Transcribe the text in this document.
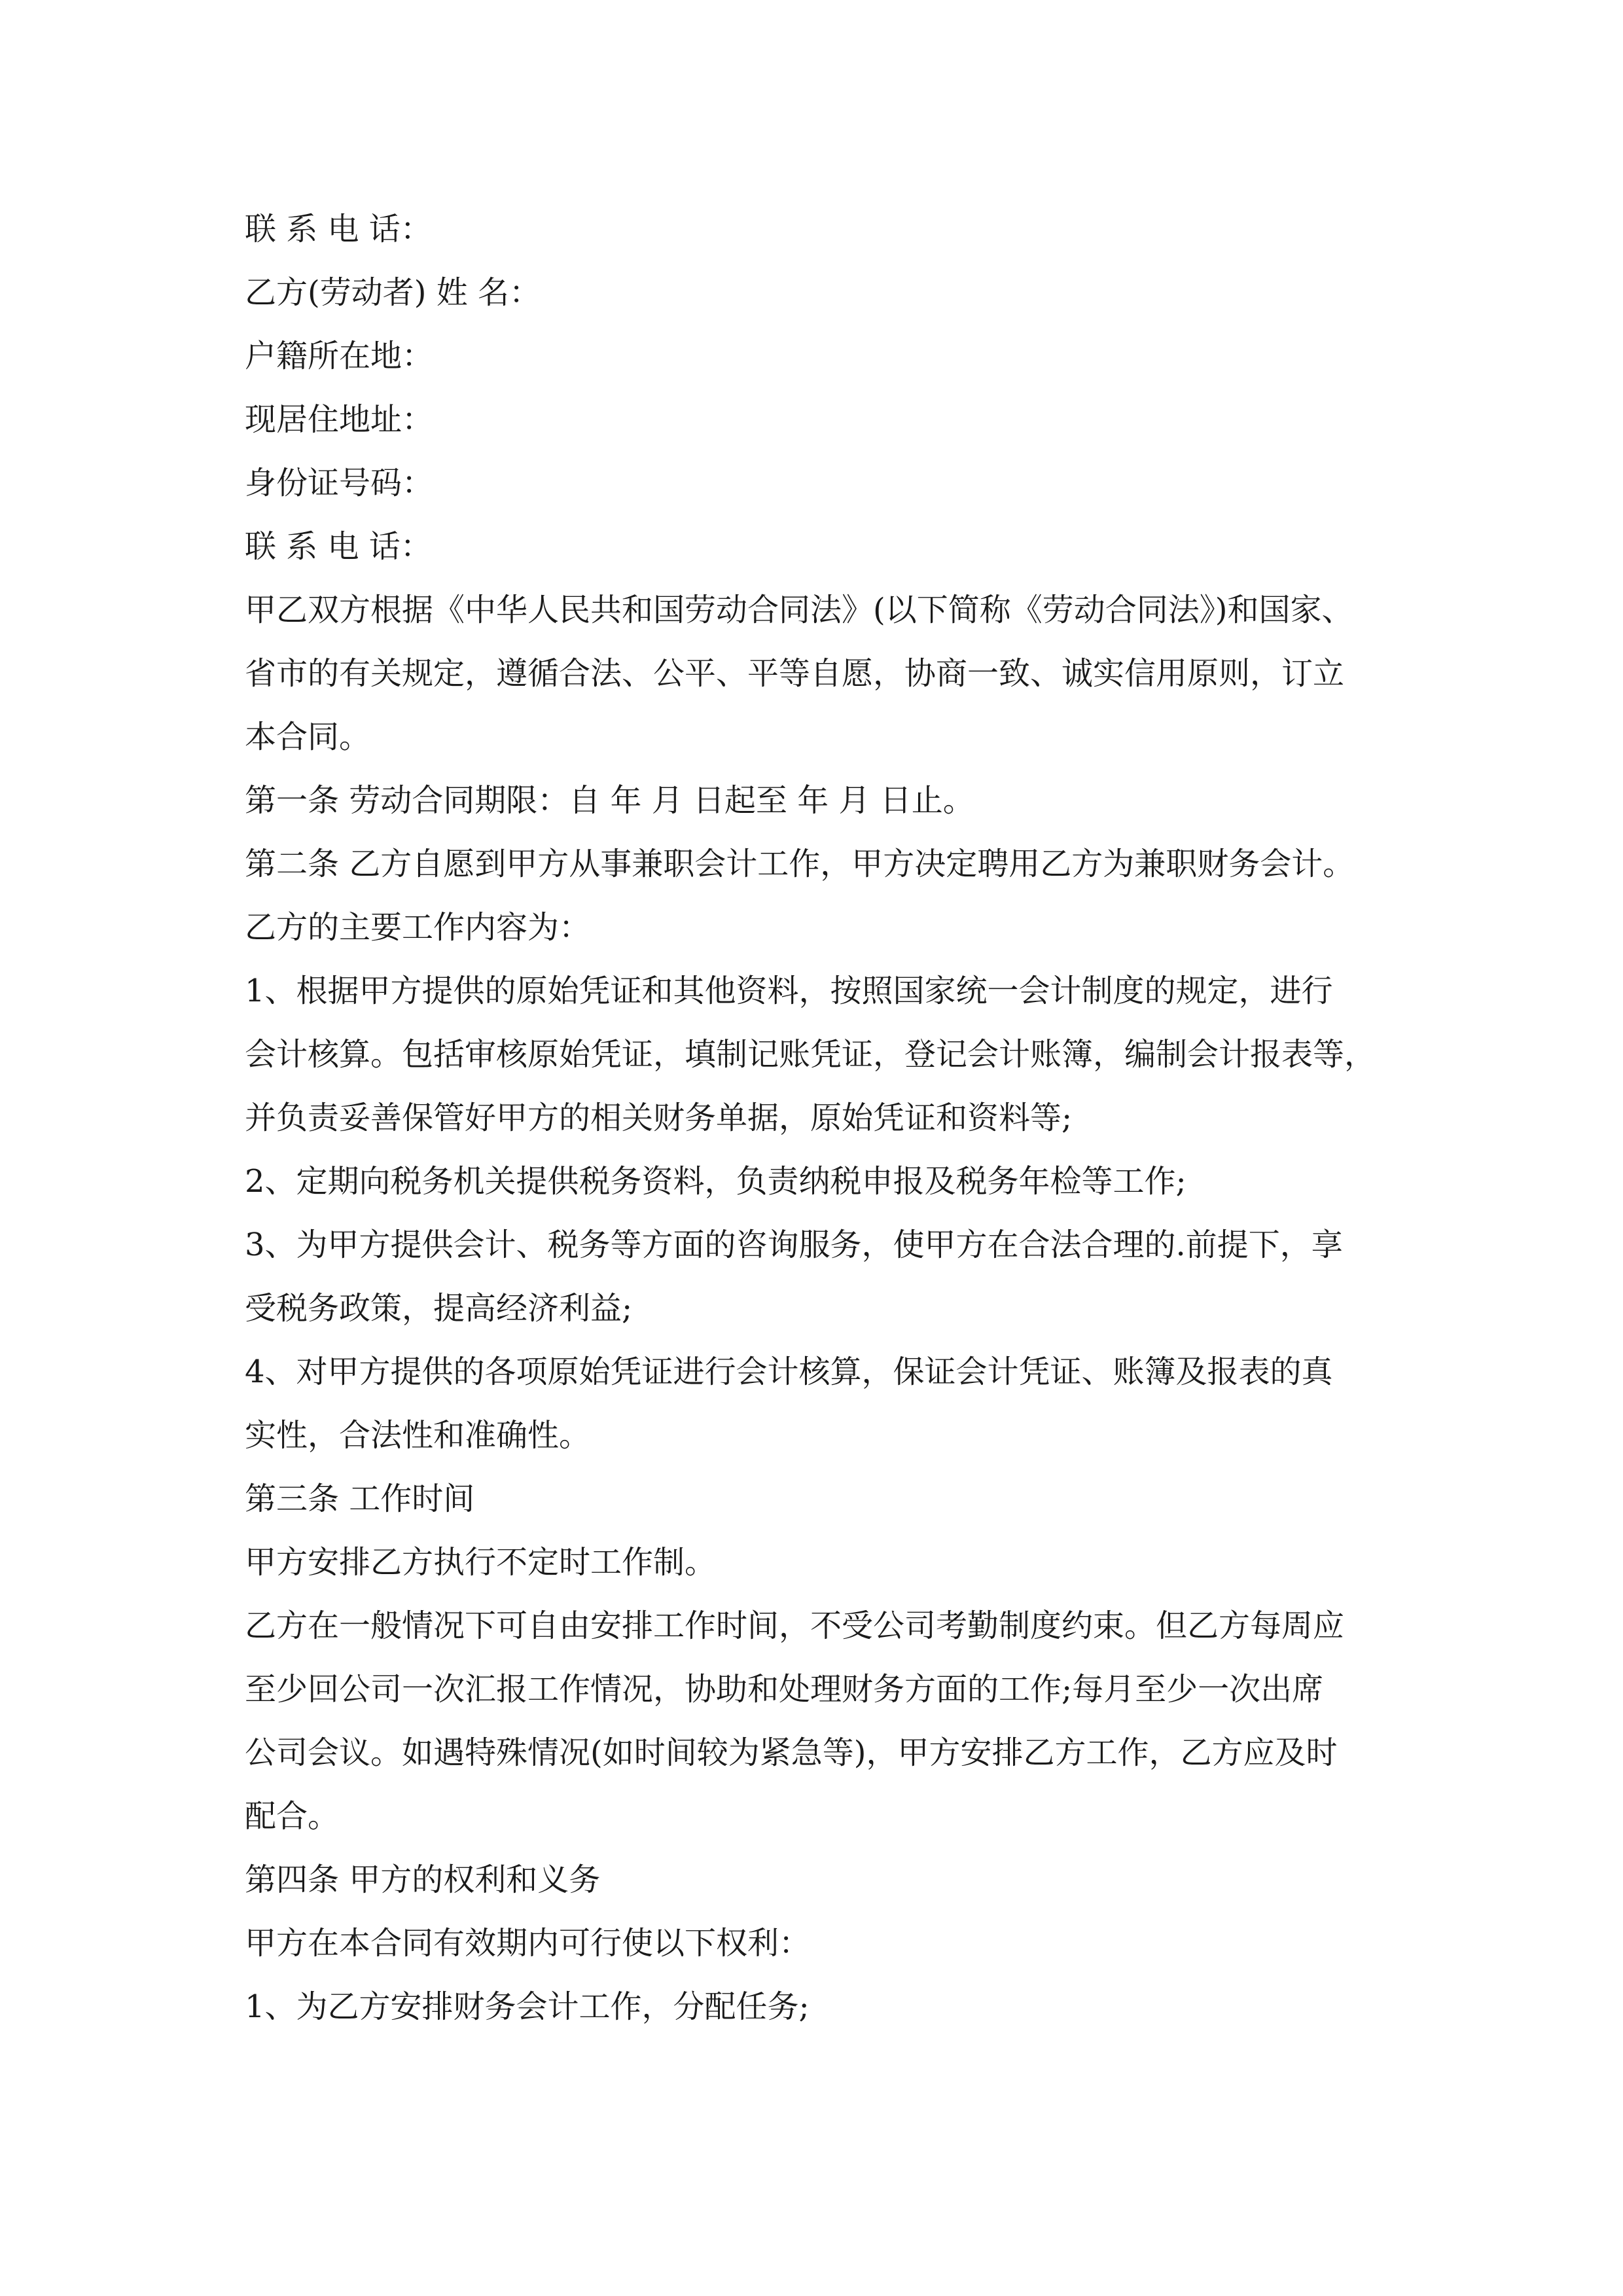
联 系 电 话：
乙方(劳动者) 姓 名：
户籍所在地：
现居住地址：
身份证号码：
联 系 电 话：
甲乙双方根据《中华人民共和国劳动合同法》(以下简称《劳动合同法》)和国家、
省市的有关规定，遵循合法、公平、平等自愿，协商一致、诚实信用原则，订立
本合同。
第一条 劳动合同期限：自 年 月 日起至 年 月 日止。
第二条 乙方自愿到甲方从事兼职会计工作，甲方决定聘用乙方为兼职财务会计。
乙方的主要工作内容为：
1、根据甲方提供的原始凭证和其他资料，按照国家统一会计制度的规定，进行
会计核算。包括审核原始凭证，填制记账凭证，登记会计账簿，编制会计报表等，
并负责妥善保管好甲方的相关财务单据，原始凭证和资料等;
2、定期向税务机关提供税务资料，负责纳税申报及税务年检等工作;
3、为甲方提供会计、税务等方面的咨询服务，使甲方在合法合理的.前提下，享
受税务政策，提高经济利益;
4、对甲方提供的各项原始凭证进行会计核算，保证会计凭证、账簿及报表的真
实性，合法性和准确性。
第三条 工作时间
甲方安排乙方执行不定时工作制。
乙方在一般情况下可自由安排工作时间，不受公司考勤制度约束。但乙方每周应
至少回公司一次汇报工作情况，协助和处理财务方面的工作;每月至少一次出席
公司会议。如遇特殊情况(如时间较为紧急等)，甲方安排乙方工作，乙方应及时
配合。
第四条 甲方的权利和义务
甲方在本合同有效期内可行使以下权利：
1、为乙方安排财务会计工作，分配任务;
